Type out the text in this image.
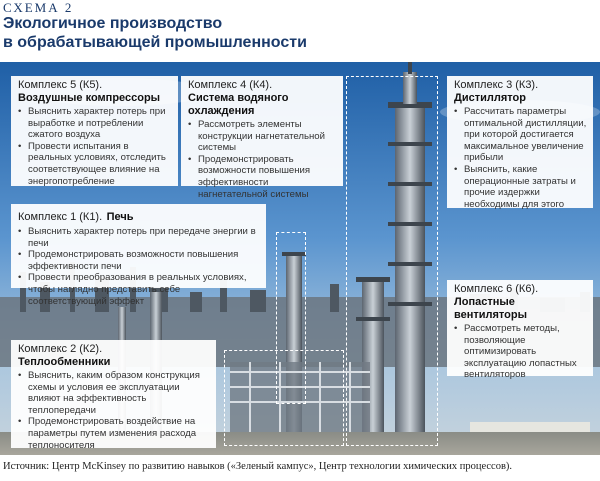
СХЕМА 2
Экологичное производство
в обрабатывающей промышленности
Комплекс 5 (К5).
Воздушные компрессоры
• Выяснить характер потерь при выработке и потреблении сжатого воздуха
• Провести испытания в реальных условиях, отследить соответствующее влияние на энергопотребление
Комплекс 4 (К4).
Система водяного охлаждения
• Рассмотреть элементы конструкции нагнетательной системы
• Продемонстрировать возможности повышения эффективности нагнетательной системы
Комплекс 3 (К3).
Дистиллятор
• Рассчитать параметры оптимальной дистилляции, при которой достигается максимальное увеличение прибыли
• Выяснить, какие операционные затраты и прочие издержки необходимы для этого
Комплекс 1 (К1). Печь
• Выяснить характер потерь при передаче энергии в печи
• Продемонстрировать возможности повышения эффективности печи
• Провести преобразования в реальных условиях, чтобы наглядно представить себе соответствующий эффект
Комплекс 6 (К6).
Лопастные вентиляторы
• Рассмотреть методы, позволяющие оптимизировать эксплуатацию лопастных вентиляторов
Комплекс 2 (К2).
Теплообменники
• Выяснить, каким образом конструкция схемы и условия ее эксплуатации влияют на эффективность теплопередачи
• Продемонстрировать воздействие на параметры путем изменения расхода теплоносителя
Источник: Центр McKinsey по развитию навыков («Зеленый кампус», Центр технологии химических процессов).
